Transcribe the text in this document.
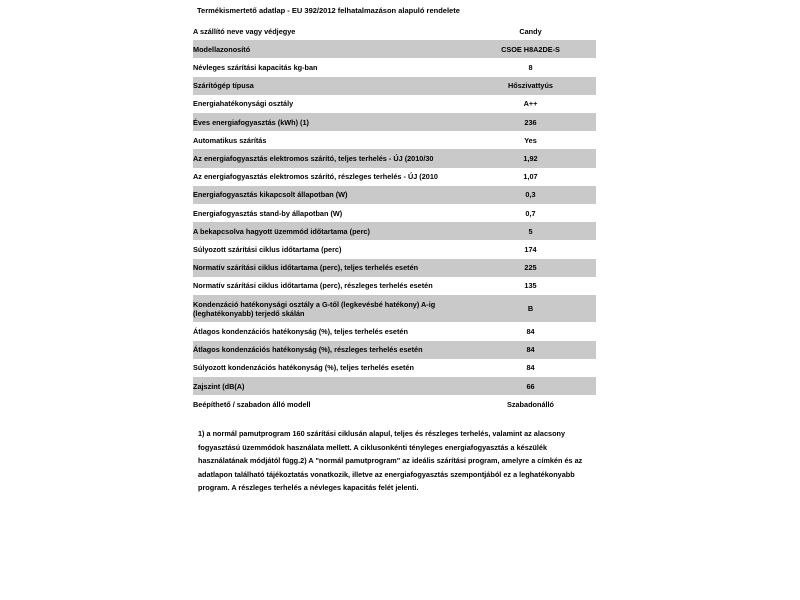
Termékismertető adatlap - EU 392/2012 felhatalmazáson alapuló rendelete
A szállító neve vagy védjegye	Candy
Modellazonosító	CSOE H8A2DE-S
Névleges szárítási kapacitás kg-ban	8
Szárítógép típusa	Hőszivattyús
Energiahatékonysági osztály	A++
Éves energiafogyasztás (kWh) (1)	236
Automatikus szárítás	Yes
Az energiafogyasztás elektromos szárító, teljes terhelés - ÚJ (2010/30	1,92
Az energiafogyasztás elektromos szárító, részleges terhelés - ÚJ (2010	1,07
Energiafogyasztás kikapcsolt állapotban (W)	0,3
Energiafogyasztás stand-by állapotban (W)	0,7
A bekapcsolva hagyott üzemmód időtartama (perc)	5
Súlyozott szárítási ciklus időtartama (perc)	174
Normatív szárítási ciklus időtartama (perc), teljes terhelés esetén	225
Normatív szárítási ciklus időtartama (perc), részleges terhelés esetén	135
Kondenzáció hatékonysági osztály a G-től (legkevésbé hatékony) A-ig (leghatékonyabb) terjedő skálán	B
Átlagos kondenzációs hatékonyság (%), teljes terhelés esetén	84
Átlagos kondenzációs hatékonyság (%), részleges terhelés esetén	84
Súlyozott kondenzációs hatékonyság (%), teljes terhelés esetén	84
Zajszint (dB(A)	66
Beépíthető / szabadon álló modell	Szabadonálló
1) a normál pamutprogram 160 szárítási ciklusán alapul, teljes és részleges terhelés, valamint az alacsony fogyasztású üzemmódok használata mellett. A ciklusonkénti tényleges energiafogyasztás a készülék használatának módjától függ.2) A "normál pamutprogram" az ideális szárítási program, amelyre a címkén és az adatlapon található tájékoztatás vonatkozik, illetve az energiafogyasztás szempontjából ez a leghatékonyabb program. A részleges terhelés a névleges kapacitás felét jelenti.
